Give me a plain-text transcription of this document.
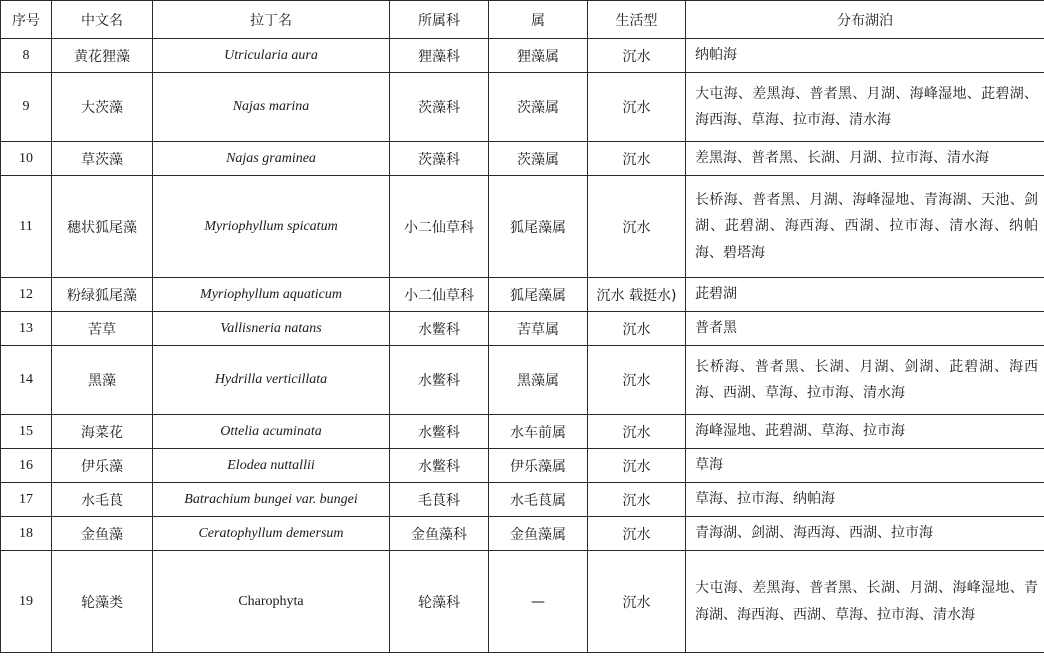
序号	中文名	拉丁名	所属科	属	生活型	分布湖泊
8	黄花狸藻	Utricularia aura	狸藻科	狸藻属	沉水	纳帕海
9	大茨藻	Najas marina	茨藻科	茨藻属	沉水	大屯海、差黑海、普者黑、月湖、海峰湿地、茈碧湖、海西海、草海、拉市海、清水海
10	草茨藻	Najas graminea	茨藻科	茨藻属	沉水	差黑海、普者黑、长湖、月湖、拉市海、清水海
11	穗状狐尾藻	Myriophyllum spicatum	小二仙草科	狐尾藻属	沉水	长桥海、普者黑、月湖、海峰湿地、青海湖、天池、剑湖、茈碧湖、海西海、西湖、拉市海、清水海、纳帕海、碧塔海
12	粉绿狐尾藻	Myriophyllum aquaticum	小二仙草科	狐尾藻属	沉水 载挺水)	茈碧湖
13	苦草	Vallisneria natans	水鳖科	苦草属	沉水	普者黑
14	黑藻	Hydrilla verticillata	水鳖科	黑藻属	沉水	长桥海、普者黑、长湖、月湖、剑湖、茈碧湖、海西海、西湖、草海、拉市海、清水海
15	海菜花	Ottelia acuminata	水鳖科	水车前属	沉水	海峰湿地、茈碧湖、草海、拉市海
16	伊乐藻	Elodea nuttallii	水鳖科	伊乐藻属	沉水	草海
17	水毛茛	Batrachium bungei var. bungei	毛茛科	水毛茛属	沉水	草海、拉市海、纳帕海
18	金鱼藻	Ceratophyllum demersum	金鱼藻科	金鱼藻属	沉水	青海湖、剑湖、海西海、西湖、拉市海
19	轮藻类	Charophyta	轮藻科	—	沉水	大屯海、差黑海、普者黑、长湖、月湖、海峰湿地、青海湖、海西海、西湖、草海、拉市海、清水海
